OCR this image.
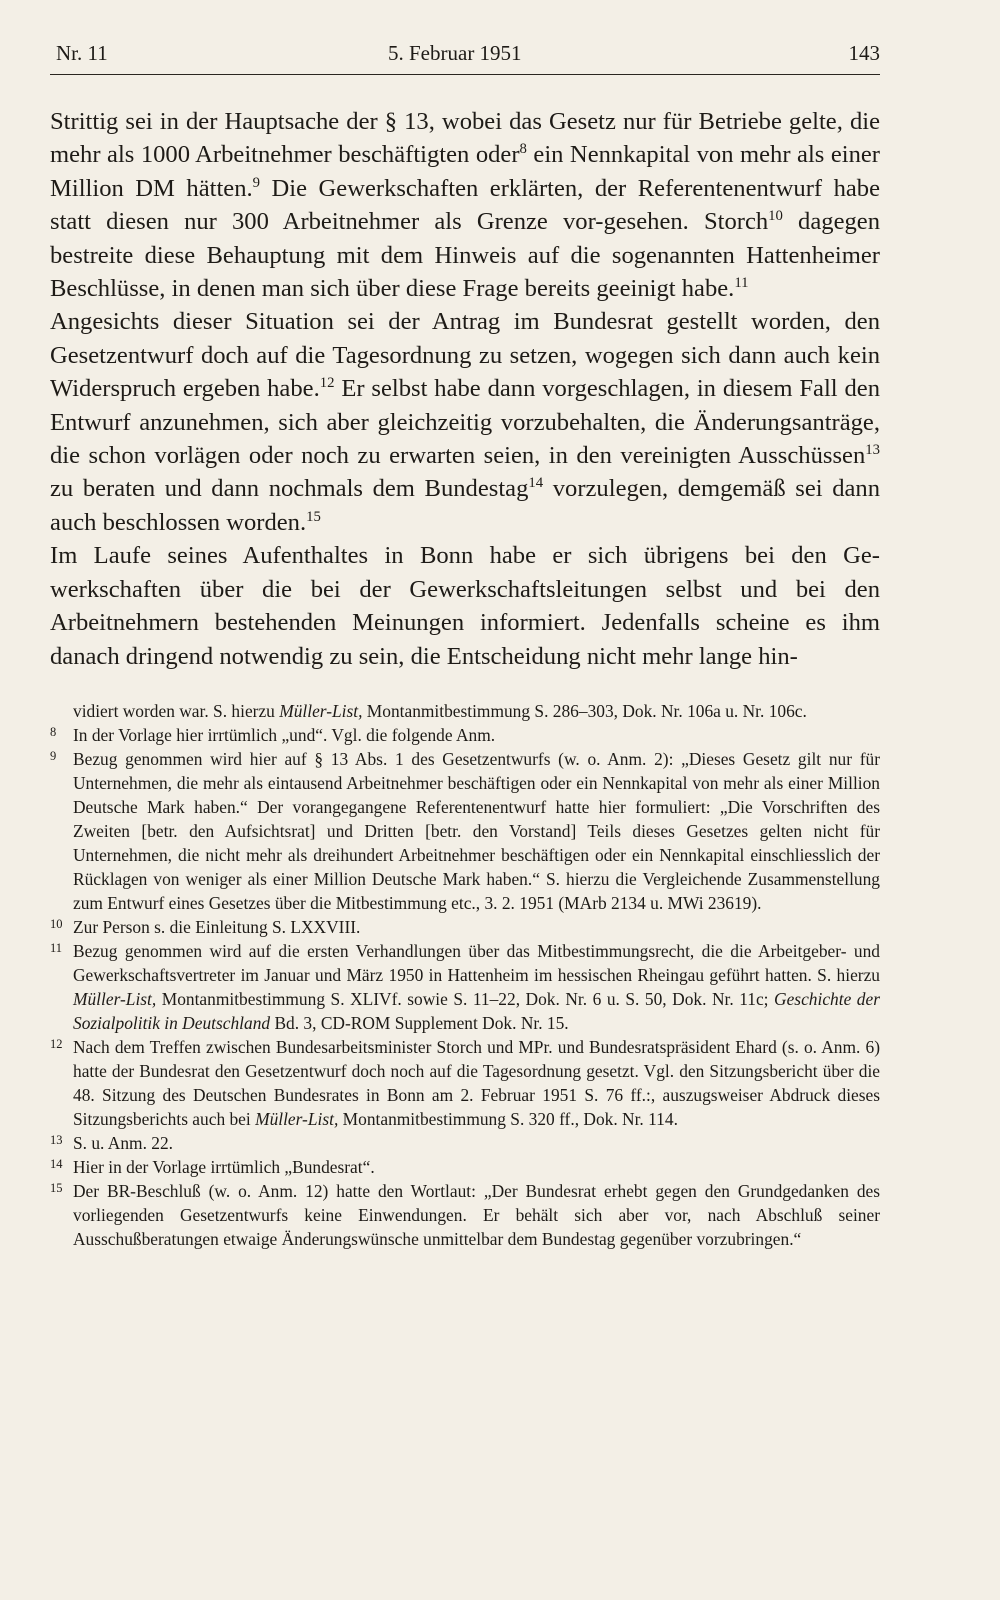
Nr. 11	5. Februar 1951	143

Strittig sei in der Hauptsache der § 13, wobei das Gesetz nur für Betriebe gelte, die mehr als 1000 Arbeitnehmer beschäftigten oder$^8$ ein Nennkapital von mehr als einer Million DM hätten.$^9$ Die Gewerkschaften erklärten, der Referentenentwurf habe statt diesen nur 300 Arbeitnehmer als Grenze vor-gesehen. Storch$^{10}$ dagegen bestreite diese Behauptung mit dem Hinweis auf die sogenannten Hattenheimer Beschlüsse, in denen man sich über diese Frage bereits geeinigt habe.$^{11}$

Angesichts dieser Situation sei der Antrag im Bundesrat gestellt worden, den Gesetzentwurf doch auf die Tagesordnung zu setzen, wogegen sich dann auch kein Widerspruch ergeben habe.$^{12}$ Er selbst habe dann vorgeschlagen, in diesem Fall den Entwurf anzunehmen, sich aber gleichzeitig vorzubehalten, die Änderungsanträge, die schon vorlägen oder noch zu erwarten seien, in den vereinigten Ausschüssen$^{13}$ zu beraten und dann nochmals dem Bundestag$^{14}$ vorzulegen, demgemäß sei dann auch beschlossen worden.$^{15}$

Im Laufe seines Aufenthaltes in Bonn habe er sich übrigens bei den Gewerkschaften über die bei der Gewerkschaftsleitungen selbst und bei den Arbeitnehmern bestehenden Meinungen informiert. Jedenfalls scheine es ihm danach dringend notwendig zu sein, die Entscheidung nicht mehr lange hin-

vidiert worden war. S. hierzu Müller-List, Montanmitbestimmung S. 286–303, Dok. Nr. 106a u. Nr. 106c.
8 In der Vorlage hier irrtümlich „und“. Vgl. die folgende Anm.
9 Bezug genommen wird hier auf § 13 Abs. 1 des Gesetzentwurfs (w. o. Anm. 2): „Dieses Gesetz gilt nur für Unternehmen, die mehr als eintausend Arbeitnehmer beschäftigen oder ein Nennkapital von mehr als einer Million Deutsche Mark haben.“ Der vorangegangene Referentenentwurf hatte hier formuliert: „Die Vorschriften des Zweiten [betr. den Aufsichtsrat] und Dritten [betr. den Vorstand] Teils dieses Gesetzes gelten nicht für Unternehmen, die nicht mehr als dreihundert Arbeitnehmer beschäftigen oder ein Nennkapital einschliesslich der Rücklagen von weniger als einer Million Deutsche Mark haben.“ S. hierzu die Vergleichende Zusammenstellung zum Entwurf eines Gesetzes über die Mitbestimmung etc., 3. 2. 1951 (MArb 2134 u. MWi 23619).
10 Zur Person s. die Einleitung S. LXXVIII.
11 Bezug genommen wird auf die ersten Verhandlungen über das Mitbestimmungsrecht, die die Arbeitgeber- und Gewerkschaftsvertreter im Januar und März 1950 in Hattenheim im hessischen Rheingau geführt hatten. S. hierzu Müller-List, Montanmitbestimmung S. XLIVf. sowie S. 11–22, Dok. Nr. 6 u. S. 50, Dok. Nr. 11c; Geschichte der Sozialpolitik in Deutschland Bd. 3, CD-ROM Supplement Dok. Nr. 15.
12 Nach dem Treffen zwischen Bundesarbeitsminister Storch und MPr. und Bundesratspräsident Ehard (s. o. Anm. 6) hatte der Bundesrat den Gesetzentwurf doch noch auf die Tagesordnung gesetzt. Vgl. den Sitzungsbericht über die 48. Sitzung des Deutschen Bundesrates in Bonn am 2. Februar 1951 S. 76 ff.:, auszugsweiser Abdruck dieses Sitzungsberichts auch bei Müller-List, Montanmitbestimmung S. 320 ff., Dok. Nr. 114.
13 S. u. Anm. 22.
14 Hier in der Vorlage irrtümlich „Bundesrat“.
15 Der BR-Beschluß (w. o. Anm. 12) hatte den Wortlaut: „Der Bundesrat erhebt gegen den Grundgedanken des vorliegenden Gesetzentwurfs keine Einwendungen. Er behält sich aber vor, nach Abschluß seiner Ausschußberatungen etwaige Änderungswünsche unmittelbar dem Bundestag gegenüber vorzubringen.“
